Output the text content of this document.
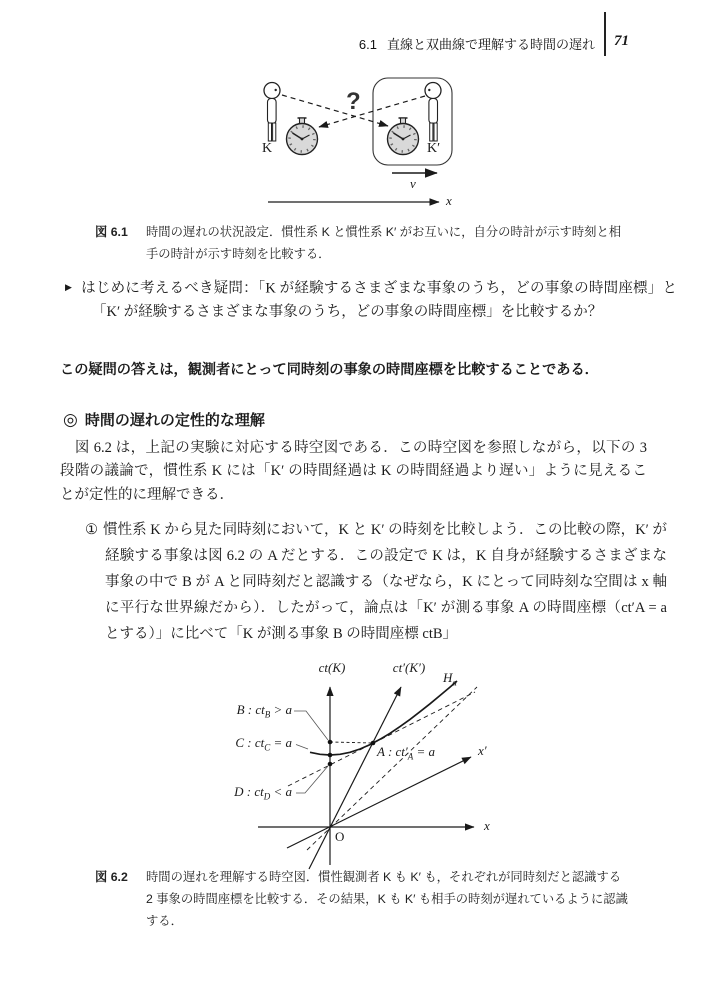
6.1 直線と双曲線で理解する時間の遅れ 71
?
K	K′
v
x
図 6.1	時間の遅れの状況設定．慣性系 K と慣性系 K′ がお互いに，自分の時計が示す時刻と相手の時計が示す時刻を比較する．
▶ はじめに考えるべき疑問：「K が経験するさまざまな事象のうち，どの事象の時間座標」と「K′ が経験するさまざまな事象のうち，どの事象の時間座標」を比較するか？
この疑問の答えは，観測者にとって同時刻の事象の時間座標を比較することである．
◎ 時間の遅れの定性的な理解
　図 6.2 は，上記の実験に対応する時空図である．この時空図を参照しながら，以下の 3 段階の議論で，慣性系 K には「K′ の時間経過は K の時間経過より遅い」ように見えることが定性的に理解できる．
① 慣性系 K から見た同時刻において，K と K′ の時刻を比較しよう．この比較の際，K′ が経験する事象は図 6.2 の A だとする．この設定で K は，K 自身が経験するさまざまな事象の中で B が A と同時刻だと認識する（なぜなら，K にとって同時刻な空間は x 軸に平行な世界線だから）．したがって，論点は「K′ が測る事象 A の時間座標（ct′A = a とする）」に比べて「K が測る事象 B の時間座標 ctB」
ct(K)	ct′(K′)
$H_a$
x
x′
O
B : $ct_B > a$
C : $ct_C = a$
D : $ct_D < a$
A : $ct'_A = a$
図 6.2	時間の遅れを理解する時空図．慣性観測者 K も K′ も，それぞれが同時刻だと認識する 2 事象の時間座標を比較する．その結果，K も K′ も相手の時刻が遅れているように認識する．
